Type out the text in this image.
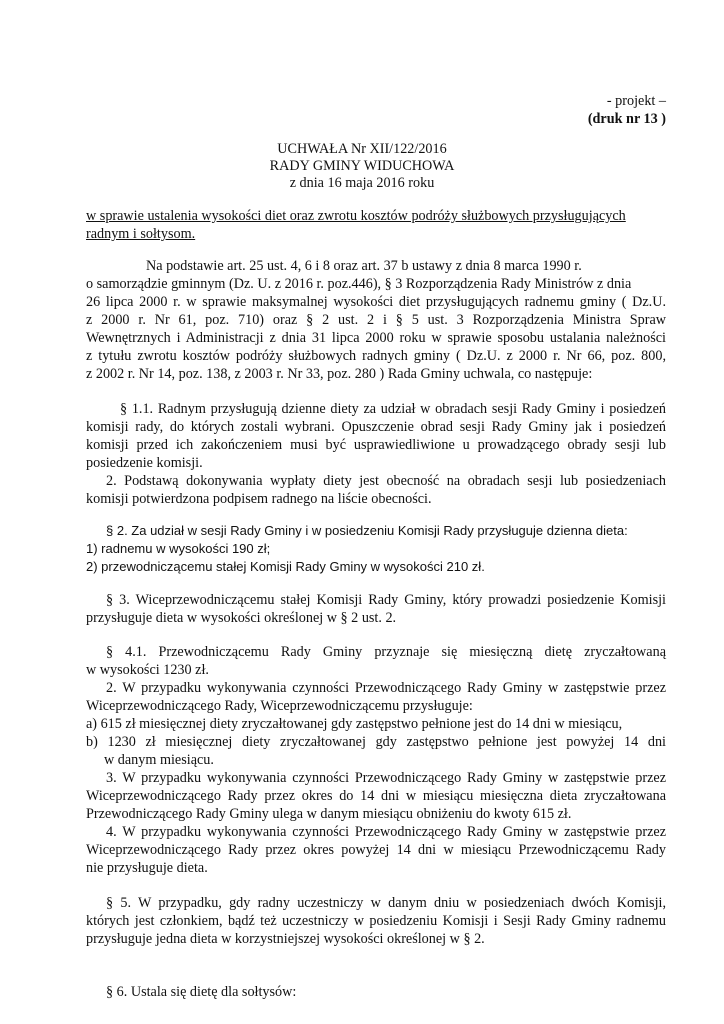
- projekt –
(druk nr 13 )
UCHWAŁA Nr XII/122/2016
RADY GMINY WIDUCHOWA
z dnia 16 maja 2016 roku
w sprawie ustalenia wysokości diet oraz zwrotu kosztów podróży służbowych przysługujących
radnym i sołtysom.
Na podstawie art. 25 ust. 4, 6 i 8 oraz art. 37 b ustawy z dnia 8 marca 1990 r.
o samorządzie gminnym (Dz. U. z 2016 r. poz.446), § 3 Rozporządzenia Rady Ministrów z dnia
26 lipca 2000 r. w sprawie maksymalnej wysokości diet przysługujących radnemu gminy ( Dz.U.
z 2000 r. Nr 61, poz. 710) oraz § 2 ust. 2 i § 5 ust. 3 Rozporządzenia Ministra Spraw
Wewnętrznych i Administracji z dnia 31 lipca 2000 roku w sprawie sposobu ustalania należności
z tytułu zwrotu kosztów podróży służbowych radnych gminy ( Dz.U. z 2000 r. Nr 66, poz. 800,
z 2002 r. Nr 14, poz. 138, z 2003 r. Nr 33, poz. 280 ) Rada Gminy uchwala, co następuje:
§ 1.1. Radnym przysługują dzienne diety za udział w obradach sesji Rady Gminy i posiedzeń
komisji rady, do których zostali wybrani. Opuszczenie obrad sesji Rady Gminy jak i posiedzeń
komisji przed ich zakończeniem musi być usprawiedliwione u prowadzącego obrady sesji lub
posiedzenie komisji.
2. Podstawą dokonywania wypłaty diety jest obecność na obradach sesji lub posiedzeniach
komisji potwierdzona podpisem radnego na liście obecności.
§ 2. Za udział w sesji Rady Gminy i w posiedzeniu Komisji Rady przysługuje dzienna dieta:
1) radnemu w wysokości 190 zł;
2) przewodniczącemu stałej Komisji Rady Gminy w wysokości 210 zł.
§ 3. Wiceprzewodniczącemu stałej Komisji Rady Gminy, który prowadzi posiedzenie Komisji
przysługuje dieta w wysokości określonej w § 2 ust. 2.
§ 4.1. Przewodniczącemu Rady Gminy przyznaje się miesięczną dietę zryczałtowaną
w wysokości 1230 zł.
2. W przypadku wykonywania czynności Przewodniczącego Rady Gminy w zastępstwie przez
Wiceprzewodniczącego Rady, Wiceprzewodniczącemu przysługuje:
a) 615 zł miesięcznej diety zryczałtowanej gdy zastępstwo pełnione jest do 14 dni w miesiącu,
b) 1230 zł miesięcznej diety zryczałtowanej gdy zastępstwo pełnione jest powyżej 14 dni
w danym miesiącu.
3. W przypadku wykonywania czynności Przewodniczącego Rady Gminy w zastępstwie przez
Wiceprzewodniczącego Rady przez okres do 14 dni w miesiącu miesięczna dieta zryczałtowana
Przewodniczącego Rady Gminy ulega w danym miesiącu obniżeniu do kwoty 615 zł.
4. W przypadku wykonywania czynności Przewodniczącego Rady Gminy w zastępstwie przez
Wiceprzewodniczącego Rady przez okres powyżej 14 dni w miesiącu Przewodniczącemu Rady
nie przysługuje dieta.
§ 5. W przypadku, gdy radny uczestniczy w danym dniu w posiedzeniach dwóch Komisji,
których jest członkiem, bądź też uczestniczy w posiedzeniu Komisji i Sesji Rady Gminy radnemu
przysługuje jedna dieta w korzystniejszej wysokości określonej w § 2.
§ 6. Ustala się dietę dla sołtysów:
